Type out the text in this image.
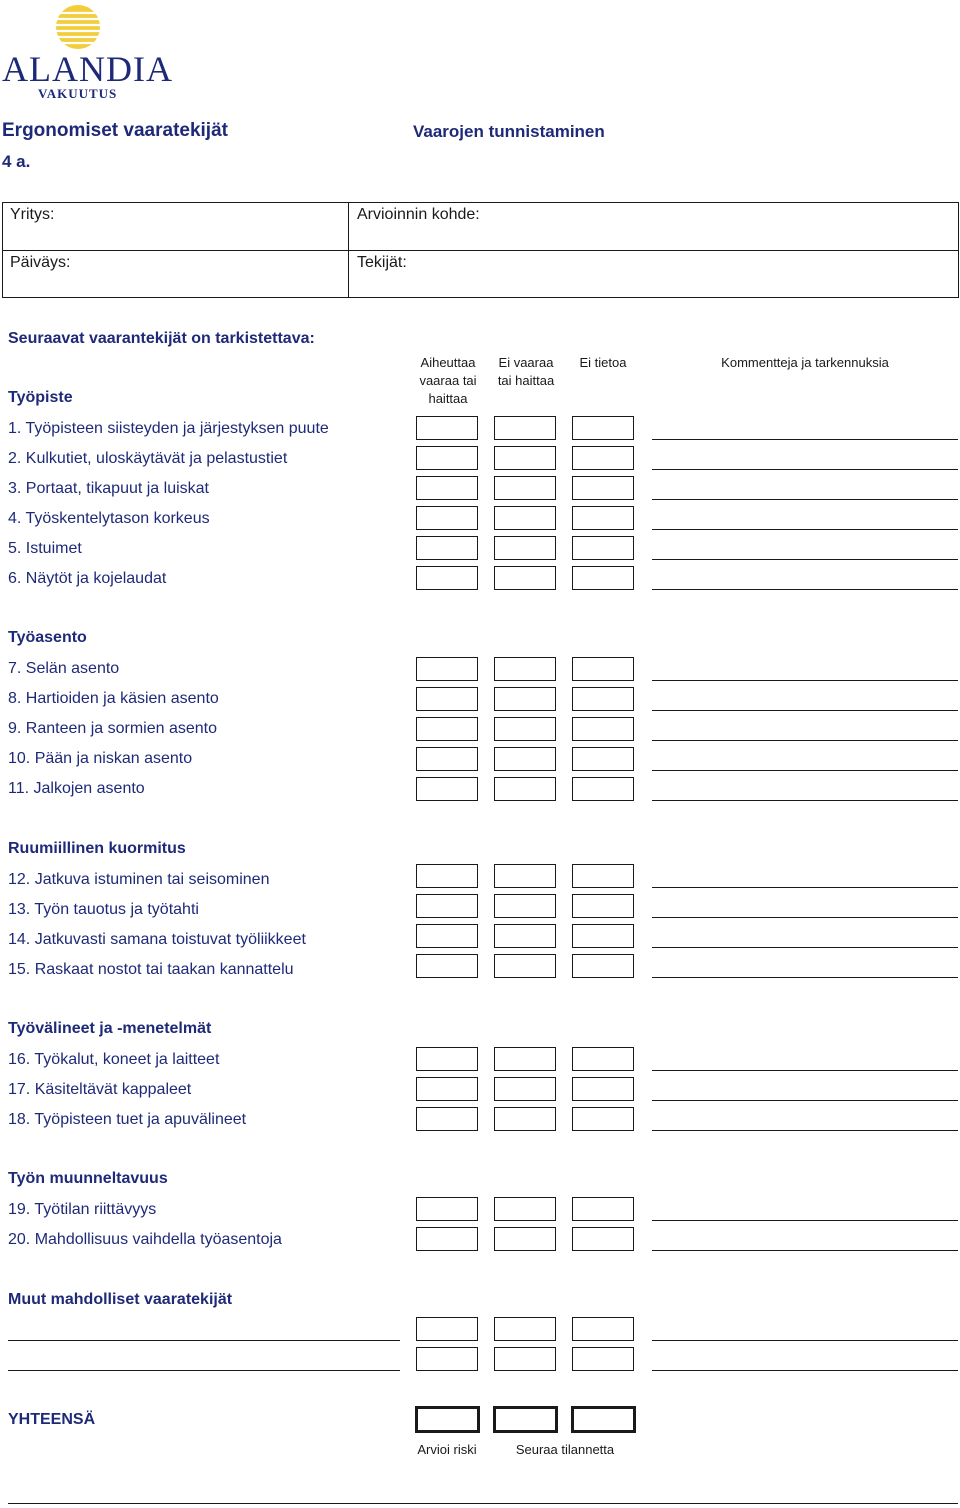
ALANDIA
VAKUUTUS
Ergonomiset vaaratekijät
4 a.
Vaarojen tunnistaminen
Yritys:	Arvioinnin kohde:
Päiväys:	Tekijät:
Seuraavat vaarantekijät on tarkistettava:
Aiheuttaa vaaraa tai haittaa
Ei vaaraa tai haittaa
Ei tietoa	Kommentteja ja tarkennuksia
Työpiste
Työasento
Ruumiillinen kuormitus
Työvälineet ja -menetelmät
Työn muunneltavuus
Muut mahdolliset vaaratekijät
1. Työpisteen siisteyden ja järjestyksen puute
2. Kulkutiet, uloskäytävät ja pelastustiet
3. Portaat, tikapuut ja luiskat
4. Työskentelytason korkeus
5. Istuimet
6. Näytöt ja kojelaudat
7. Selän asento
8. Hartioiden ja käsien asento
9. Ranteen ja sormien asento
10. Pään ja niskan asento
11. Jalkojen asento
12. Jatkuva istuminen tai seisominen
13. Työn tauotus ja työtahti
14. Jatkuvasti samana toistuvat työliikkeet
15. Raskaat nostot tai taakan kannattelu
16. Työkalut, koneet ja laitteet
17. Käsiteltävät kappaleet
18. Työpisteen tuet ja apuvälineet
19. Työtilan riittävyys
20. Mahdollisuus vaihdella työasentoja
YHTEENSÄ
Arvioi riski	Seuraa tilannetta
